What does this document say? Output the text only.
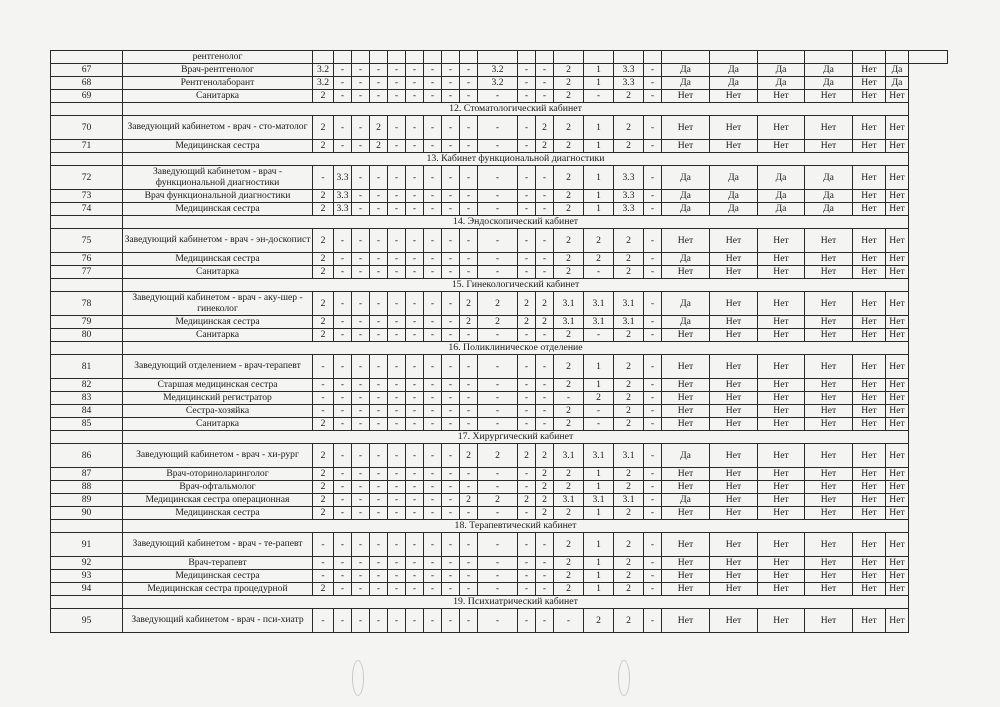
	рентгенолог																							
67	Врач-рентгенолог	3.2	-	-	-	-	-	-	-	-	3.2	-	-	2	1	3.3	-	Да	Да	Да	Да	Нет	Да	
68	Рентгенолаборант	3.2	-	-	-	-	-	-	-	-	3.2	-	-	2	1	3.3	-	Да	Да	Да	Да	Нет	Да	
69	Санитарка	2	-	-	-	-	-	-	-	-	-	-	-	2	-	2	-	Нет	Нет	Нет	Нет	Нет	Нет	
	12. Стоматологический кабинет																							
70	Заведующий кабинетом - врач - сто-матолог	2	-	-	2	-	-	-	-	-	-	-	2	2	1	2	-	Нет	Нет	Нет	Нет	Нет	Нет	
71	Медицинская сестра	2	-	-	2	-	-	-	-	-	-	-	2	2	1	2	-	Нет	Нет	Нет	Нет	Нет	Нет	
	13. Кабинет функциональной диагностики																							
72	Заведующий кабинетом - врач - функциональной диагностики	-	3.3	-	-	-	-	-	-	-	-	-	-	2	1	3.3	-	Да	Да	Да	Да	Нет	Нет	
73	Врач функциональной диагностики	2	3.3	-	-	-	-	-	-	-	-	-	-	2	1	3.3	-	Да	Да	Да	Да	Нет	Нет	
74	Медицинская сестра	2	3.3	-	-	-	-	-	-	-	-	-	-	2	1	3.3	-	Да	Да	Да	Да	Нет	Нет	
	14. Эндоскопический кабинет																							
75	Заведующий кабинетом - врач - эн-доскопист	2	-	-	-	-	-	-	-	-	-	-	-	2	2	2	-	Нет	Нет	Нет	Нет	Нет	Нет	
76	Медицинская сестра	2	-	-	-	-	-	-	-	-	-	-	-	2	2	2	-	Да	Нет	Нет	Нет	Нет	Нет	
77	Санитарка	2	-	-	-	-	-	-	-	-	-	-	-	2	-	2	-	Нет	Нет	Нет	Нет	Нет	Нет	
	15. Гинекологический кабинет																							
78	Заведующий кабинетом - врач - аку-шер - гинеколог	2	-	-	-	-	-	-	-	2	2	2	2	3.1	3.1	3.1	-	Да	Нет	Нет	Нет	Нет	Нет	
79	Медицинская сестра	2	-	-	-	-	-	-	-	2	2	2	2	3.1	3.1	3.1	-	Да	Нет	Нет	Нет	Нет	Нет	
80	Санитарка	2	-	-	-	-	-	-	-	-	-	-	-	2	-	2	-	Нет	Нет	Нет	Нет	Нет	Нет	
	16. Поликлиническое отделение																							
81	Заведующий отделением - врач-терапевт	-	-	-	-	-	-	-	-	-	-	-	-	2	1	2	-	Нет	Нет	Нет	Нет	Нет	Нет	
82	Старшая медицинская сестра	-	-	-	-	-	-	-	-	-	-	-	-	2	1	2	-	Нет	Нет	Нет	Нет	Нет	Нет	
83	Медицинский регистратор	-	-	-	-	-	-	-	-	-	-	-	-	-	2	2	-	Нет	Нет	Нет	Нет	Нет	Нет	
84	Сестра-хозяйка	-	-	-	-	-	-	-	-	-	-	-	-	2	-	2	-	Нет	Нет	Нет	Нет	Нет	Нет	
85	Санитарка	2	-	-	-	-	-	-	-	-	-	-	-	2	-	2	-	Нет	Нет	Нет	Нет	Нет	Нет	
	17. Хирургический кабинет																							
86	Заведующий кабинетом - врач - хи-рург	2	-	-	-	-	-	-	-	2	2	2	2	3.1	3.1	3.1	-	Да	Нет	Нет	Нет	Нет	Нет	
87	Врач-оториноларинголог	2	-	-	-	-	-	-	-	-	-	-	2	2	1	2	-	Нет	Нет	Нет	Нет	Нет	Нет	
88	Врач-офтальмолог	2	-	-	-	-	-	-	-	-	-	-	2	2	1	2	-	Нет	Нет	Нет	Нет	Нет	Нет	
89	Медицинская сестра операционная	2	-	-	-	-	-	-	-	2	2	2	2	3.1	3.1	3.1	-	Да	Нет	Нет	Нет	Нет	Нет	
90	Медицинская сестра	2	-	-	-	-	-	-	-	-	-	-	2	2	1	2	-	Нет	Нет	Нет	Нет	Нет	Нет	
	18. Терапевтический кабинет																							
91	Заведующий кабинетом - врач - те-рапевт	-	-	-	-	-	-	-	-	-	-	-	-	2	1	2	-	Нет	Нет	Нет	Нет	Нет	Нет	
92	Врач-терапевт	-	-	-	-	-	-	-	-	-	-	-	-	2	1	2	-	Нет	Нет	Нет	Нет	Нет	Нет	
93	Медицинская сестра	-	-	-	-	-	-	-	-	-	-	-	-	2	1	2	-	Нет	Нет	Нет	Нет	Нет	Нет	
94	Медицинская сестра процедурной	2	-	-	-	-	-	-	-	-	-	-	-	2	1	2	-	Нет	Нет	Нет	Нет	Нет	Нет	
	19. Психиатрический кабинет																							
95	Заведующий кабинетом - врач - пси-хиатр	-	-	-	-	-	-	-	-	-	-	-	-	-	2	2	-	Нет	Нет	Нет	Нет	Нет	Нет	
